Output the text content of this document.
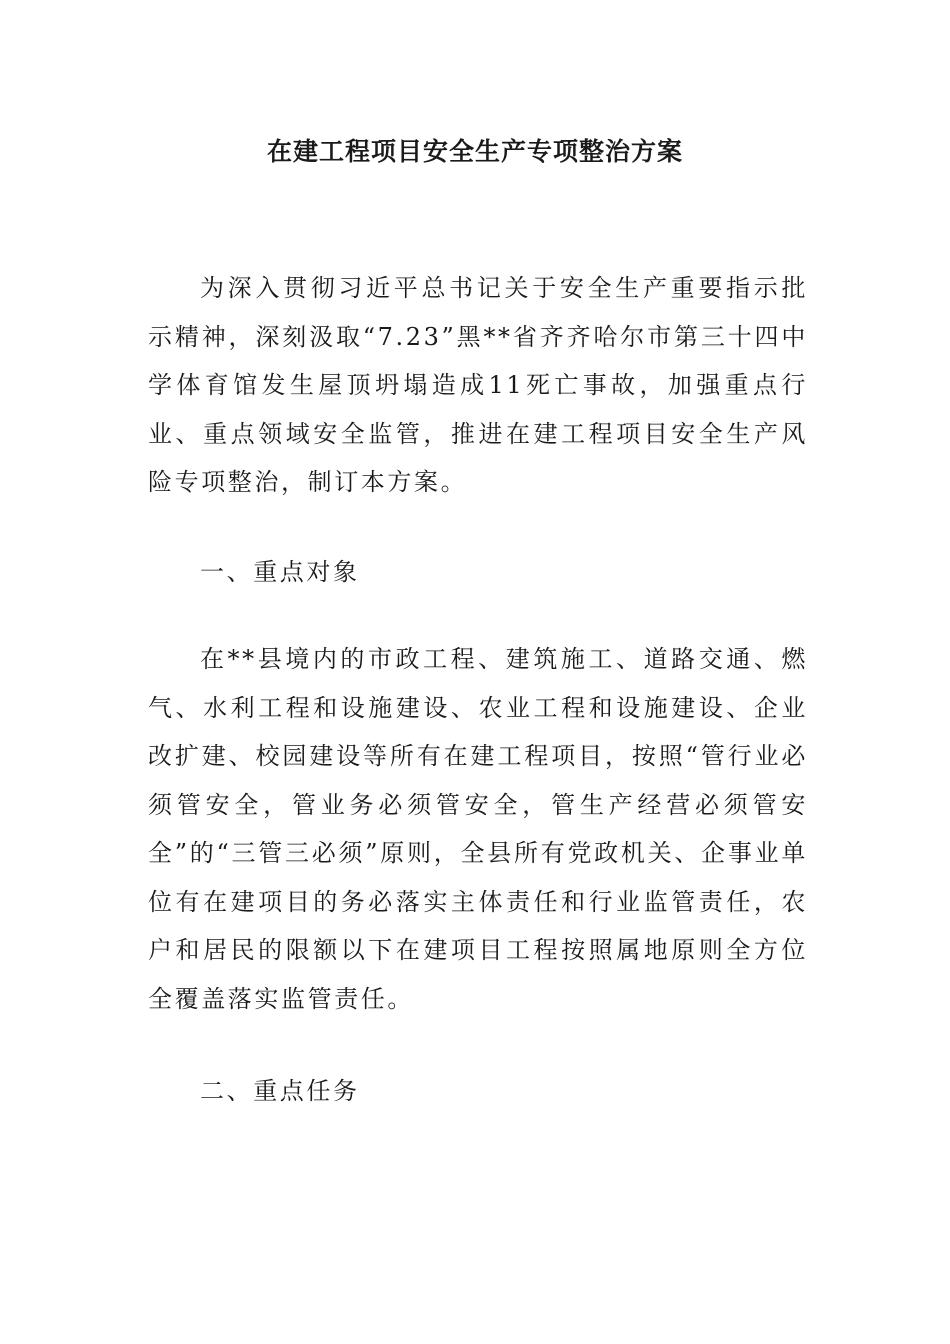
在建工程项目安全生产专项整治方案

为深入贯彻习近平总书记关于安全生产重要指示批示精神，深刻汲取“7.23”黑**省齐齐哈尔市第三十四中学体育馆发生屋顶坍塌造成11死亡事故，加强重点行业、重点领域安全监管，推进在建工程项目安全生产风险专项整治，制订本方案。

一、重点对象

在**县境内的市政工程、建筑施工、道路交通、燃气、水利工程和设施建设、农业工程和设施建设、企业改扩建、校园建设等所有在建工程项目，按照“管行业必须管安全，管业务必须管安全，管生产经营必须管安全”的“三管三必须”原则，全县所有党政机关、企事业单位有在建项目的务必落实主体责任和行业监管责任，农户和居民的限额以下在建项目工程按照属地原则全方位全覆盖落实监管责任。

二、重点任务
